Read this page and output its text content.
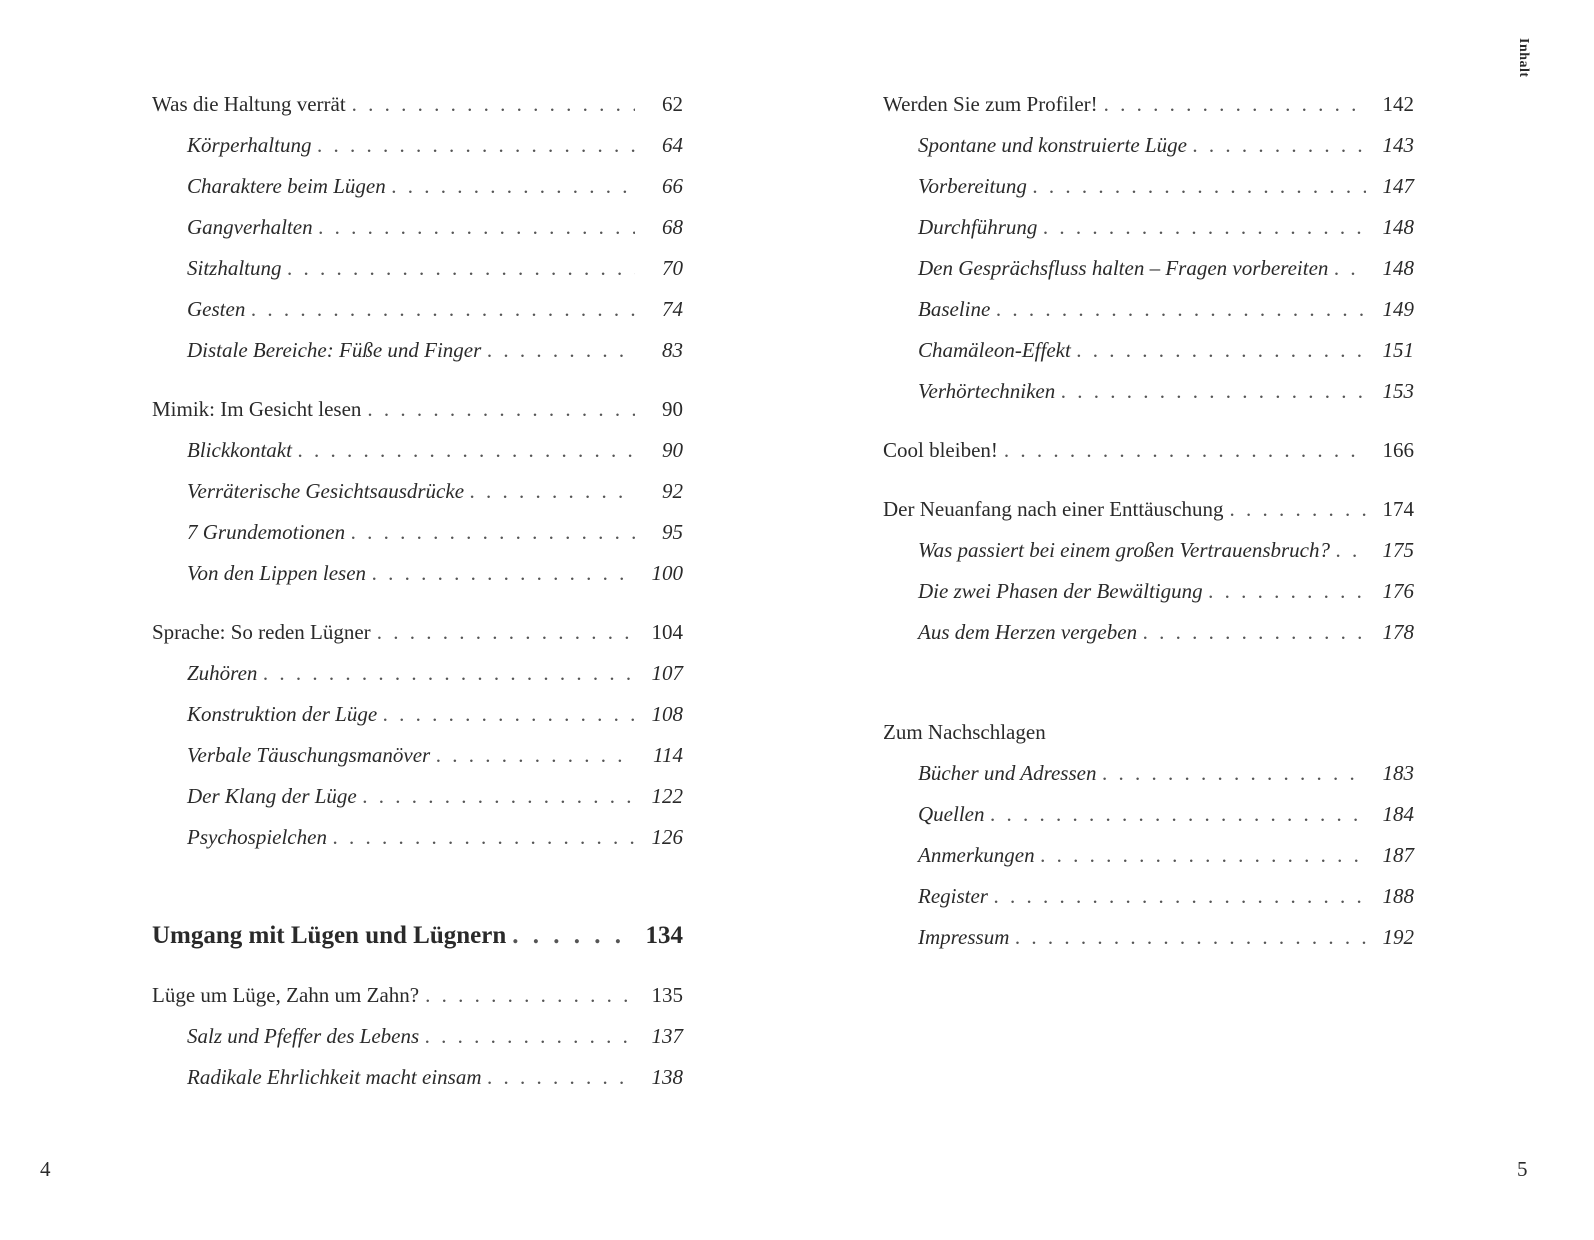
Was die Haltung verrät . . .	62
Körperhaltung . . .	64
Charaktere beim Lügen . . .	66
Gangverhalten . . .	68
Sitzhaltung . . .	70
Gesten . . .	74
Distale Bereiche: Füße und Finger . . .	83
Mimik: Im Gesicht lesen . . .	90
Blickkontakt . . .	90
Verräterische Gesichtsausdrücke . . .	92
7 Grundemotionen . . .	95
Von den Lippen lesen . . .	100
Sprache: So reden Lügner . . .	104
Zuhören . . .	107
Konstruktion der Lüge . . .	108
Verbale Täuschungsmanöver . . .	114
Der Klang der Lüge . . .	122
Psychospielchen . . .	126
Umgang mit Lügen und Lügnern . . .	134
Lüge um Lüge, Zahn um Zahn? . . .	135
Salz und Pfeffer des Lebens . . .	137
Radikale Ehrlichkeit macht einsam . . .	138
4
Inhalt
Werden Sie zum Profiler! . . .	142
Spontane und konstruierte Lüge . . .	143
Vorbereitung . . .	147
Durchführung . . .	148
Den Gesprächsfluss halten – Fragen vorbereiten . . .	148
Baseline . . .	149
Chamäleon-Effekt . . .	151
Verhörtechniken . . .	153
Cool bleiben! . . .	166
Der Neuanfang nach einer Enttäuschung . . .	174
Was passiert bei einem großen Vertrauensbruch? . . .	175
Die zwei Phasen der Bewältigung . . .	176
Aus dem Herzen vergeben . . .	178
Zum Nachschlagen
Bücher und Adressen . . .	183
Quellen . . .	184
Anmerkungen . . .	187
Register . . .	188
Impressum . . .	192
5
